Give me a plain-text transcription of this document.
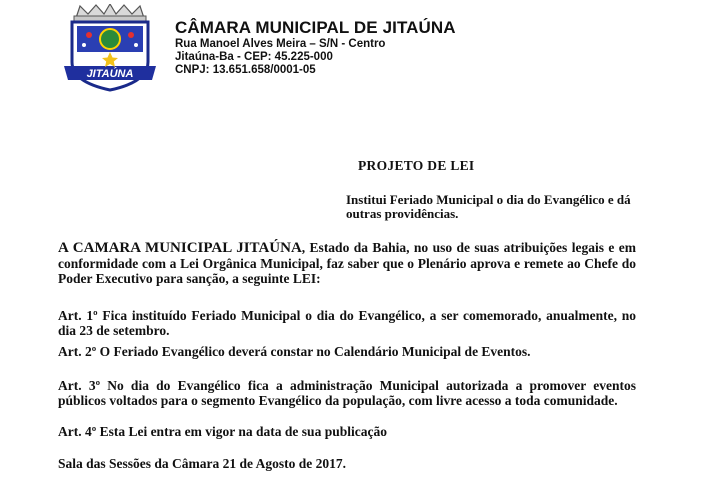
JITAÚNA
CÂMARA MUNICIPAL DE JITAÚNA
Rua Manoel Alves Meira – S/N - Centro
Jitaúna-Ba - CEP: 45.225-000
CNPJ: 13.651.658/0001-05
PROJETO DE LEI
Institui Feriado Municipal o dia do Evangélico e dá outras providências.
A CAMARA MUNICIPAL JITAÚNA, Estado da Bahia, no uso de suas atribuições legais e em conformidade com a Lei Orgânica Municipal, faz saber que o Plenário aprova e remete ao Chefe do Poder Executivo para sanção, a seguinte LEI:
Art. 1º Fica instituído Feriado Municipal o dia do Evangélico, a ser comemorado, anualmente, no dia 23 de setembro.
Art. 2º O Feriado Evangélico deverá constar no Calendário Municipal de Eventos.
Art. 3º No dia do Evangélico fica a administração Municipal autorizada a promover eventos públicos voltados para o segmento Evangélico da população, com livre acesso a toda comunidade.
Art. 4º Esta Lei entra em vigor na data de sua publicação
Sala das Sessões da Câmara 21 de Agosto de 2017.
